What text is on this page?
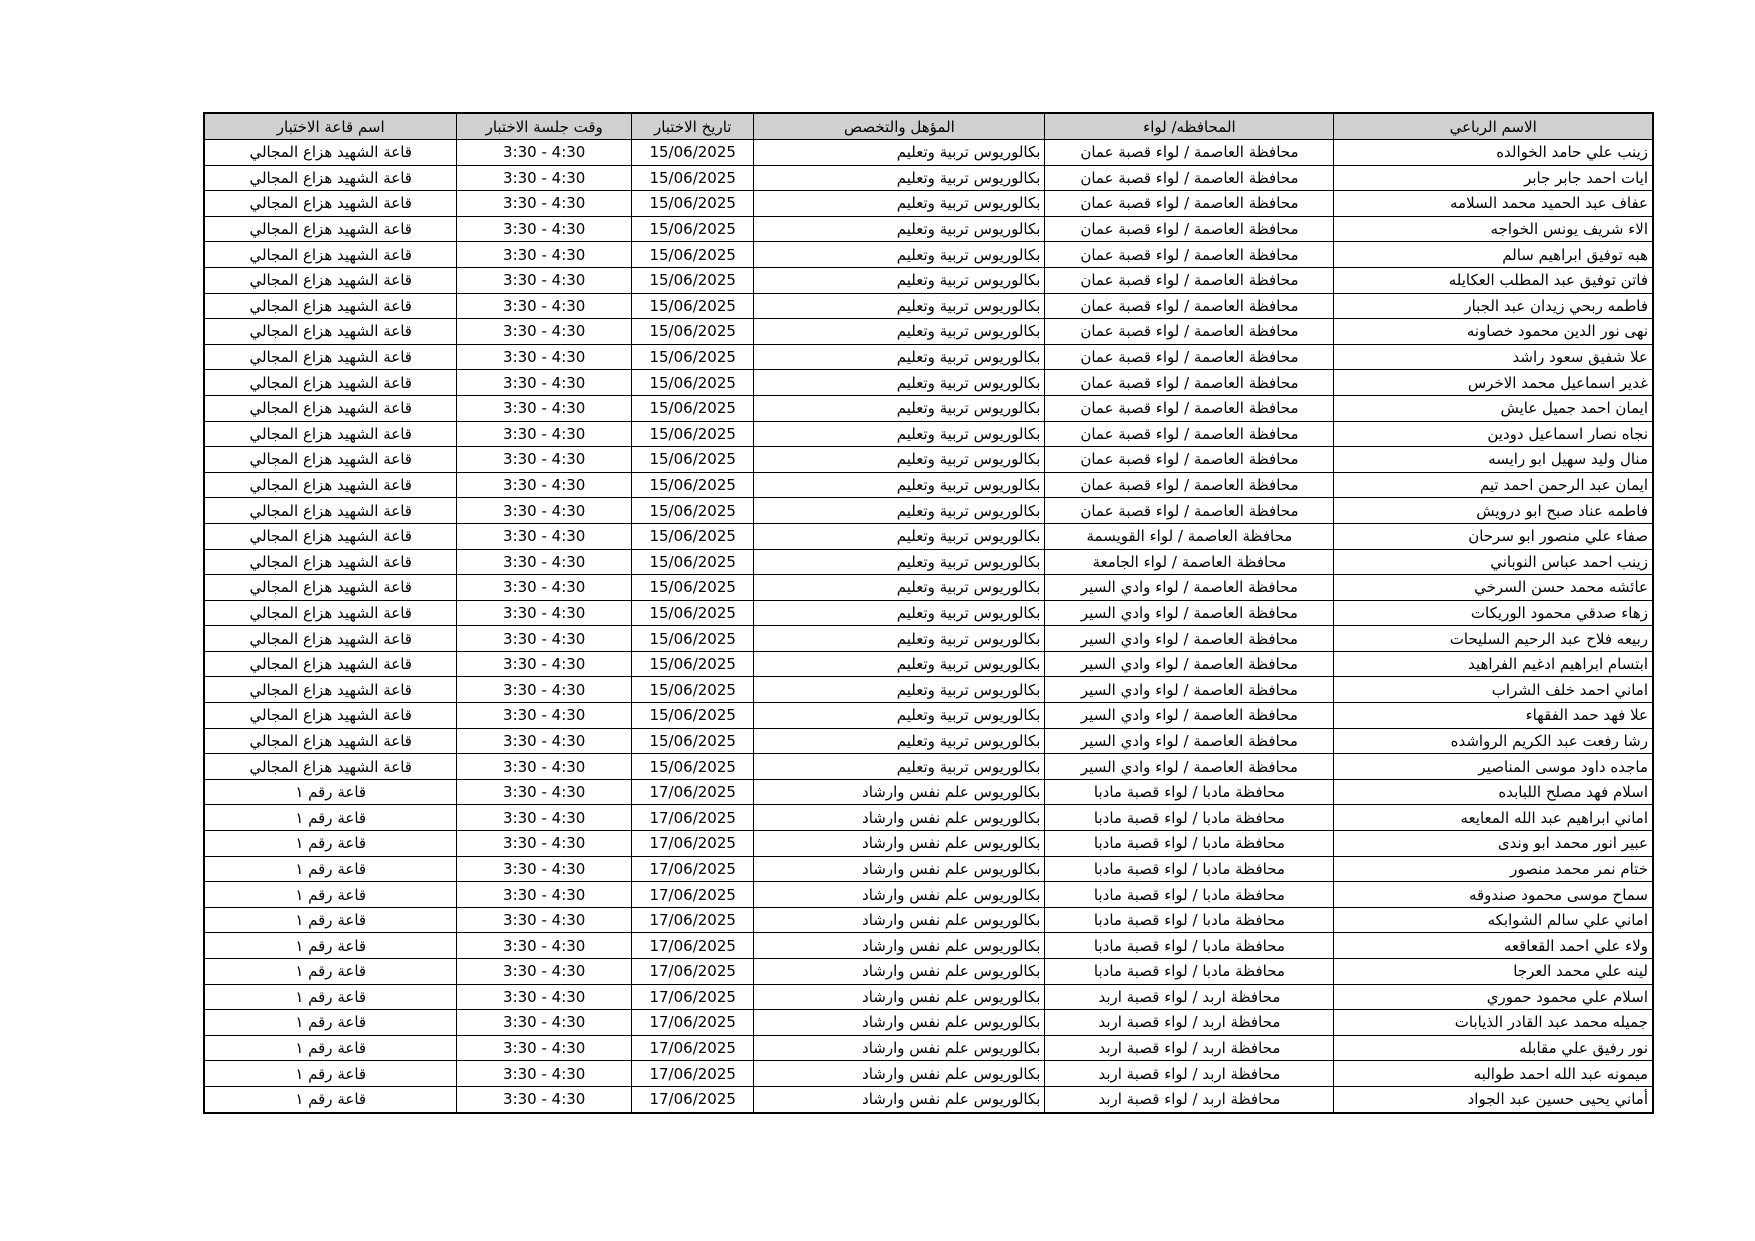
الاسم الرباعي	المحافظه/ لواء	المؤهل والتخصص	تاريخ الاختبار	وقت جلسة الاختبار	اسم قاعة الاختبار
زينب علي حامد الخوالده	محافظة العاصمة / لواء قصبة عمان	بكالوريوس تربية وتعليم	15/06/2025	3:30 - 4:30	قاعة الشهيد هزاع المجالي
ايات احمد جابر جابر	محافظة العاصمة / لواء قصبة عمان	بكالوريوس تربية وتعليم	15/06/2025	3:30 - 4:30	قاعة الشهيد هزاع المجالي
عفاف عبد الحميد محمد السلامه	محافظة العاصمة / لواء قصبة عمان	بكالوريوس تربية وتعليم	15/06/2025	3:30 - 4:30	قاعة الشهيد هزاع المجالي
الاء شريف يونس الخواجه	محافظة العاصمة / لواء قصبة عمان	بكالوريوس تربية وتعليم	15/06/2025	3:30 - 4:30	قاعة الشهيد هزاع المجالي
هبه توفيق ابراهيم سالم	محافظة العاصمة / لواء قصبة عمان	بكالوريوس تربية وتعليم	15/06/2025	3:30 - 4:30	قاعة الشهيد هزاع المجالي
فاتن توفيق عبد المطلب العكايله	محافظة العاصمة / لواء قصبة عمان	بكالوريوس تربية وتعليم	15/06/2025	3:30 - 4:30	قاعة الشهيد هزاع المجالي
فاطمه ربحي زيدان عبد الجبار	محافظة العاصمة / لواء قصبة عمان	بكالوريوس تربية وتعليم	15/06/2025	3:30 - 4:30	قاعة الشهيد هزاع المجالي
نهى نور الدين محمود خصاونه	محافظة العاصمة / لواء قصبة عمان	بكالوريوس تربية وتعليم	15/06/2025	3:30 - 4:30	قاعة الشهيد هزاع المجالي
علا شفيق سعود راشد	محافظة العاصمة / لواء قصبة عمان	بكالوريوس تربية وتعليم	15/06/2025	3:30 - 4:30	قاعة الشهيد هزاع المجالي
غدير اسماعيل محمد الاخرس	محافظة العاصمة / لواء قصبة عمان	بكالوريوس تربية وتعليم	15/06/2025	3:30 - 4:30	قاعة الشهيد هزاع المجالي
ايمان احمد جميل عايش	محافظة العاصمة / لواء قصبة عمان	بكالوريوس تربية وتعليم	15/06/2025	3:30 - 4:30	قاعة الشهيد هزاع المجالي
نجاه نصار اسماعيل دودين	محافظة العاصمة / لواء قصبة عمان	بكالوريوس تربية وتعليم	15/06/2025	3:30 - 4:30	قاعة الشهيد هزاع المجالي
منال وليد سهيل ابو رايسه	محافظة العاصمة / لواء قصبة عمان	بكالوريوس تربية وتعليم	15/06/2025	3:30 - 4:30	قاعة الشهيد هزاع المجالي
ايمان عبد الرحمن احمد تيم	محافظة العاصمة / لواء قصبة عمان	بكالوريوس تربية وتعليم	15/06/2025	3:30 - 4:30	قاعة الشهيد هزاع المجالي
فاطمه عناد صبح ابو درويش	محافظة العاصمة / لواء قصبة عمان	بكالوريوس تربية وتعليم	15/06/2025	3:30 - 4:30	قاعة الشهيد هزاع المجالي
صفاء علي منصور ابو سرحان	محافظة العاصمة / لواء القويسمة	بكالوريوس تربية وتعليم	15/06/2025	3:30 - 4:30	قاعة الشهيد هزاع المجالي
زينب احمد عباس النوباني	محافظة العاصمة / لواء الجامعة	بكالوريوس تربية وتعليم	15/06/2025	3:30 - 4:30	قاعة الشهيد هزاع المجالي
عائشه محمد حسن السرخي	محافظة العاصمة / لواء وادي السير	بكالوريوس تربية وتعليم	15/06/2025	3:30 - 4:30	قاعة الشهيد هزاع المجالي
زهاء صدقي محمود الوريكات	محافظة العاصمة / لواء وادي السير	بكالوريوس تربية وتعليم	15/06/2025	3:30 - 4:30	قاعة الشهيد هزاع المجالي
ربيعه فلاح عبد الرحيم السليحات	محافظة العاصمة / لواء وادي السير	بكالوريوس تربية وتعليم	15/06/2025	3:30 - 4:30	قاعة الشهيد هزاع المجالي
ابتسام ابراهيم ادغيم الفراهيد	محافظة العاصمة / لواء وادي السير	بكالوريوس تربية وتعليم	15/06/2025	3:30 - 4:30	قاعة الشهيد هزاع المجالي
اماني احمد خلف الشراب	محافظة العاصمة / لواء وادي السير	بكالوريوس تربية وتعليم	15/06/2025	3:30 - 4:30	قاعة الشهيد هزاع المجالي
علا فهد حمد الفقهاء	محافظة العاصمة / لواء وادي السير	بكالوريوس تربية وتعليم	15/06/2025	3:30 - 4:30	قاعة الشهيد هزاع المجالي
رشا رفعت عبد الكريم الرواشده	محافظة العاصمة / لواء وادي السير	بكالوريوس تربية وتعليم	15/06/2025	3:30 - 4:30	قاعة الشهيد هزاع المجالي
ماجده داود موسى المناصير	محافظة العاصمة / لواء وادي السير	بكالوريوس تربية وتعليم	15/06/2025	3:30 - 4:30	قاعة الشهيد هزاع المجالي
اسلام فهد مصلح اللبابده	محافظة مادبا / لواء قصبة مادبا	بكالوريوس علم نفس وارشاد	17/06/2025	3:30 - 4:30	قاعة رقم ١
اماني ابراهيم عبد الله المعايعه	محافظة مادبا / لواء قصبة مادبا	بكالوريوس علم نفس وارشاد	17/06/2025	3:30 - 4:30	قاعة رقم ١
عبير انور محمد ابو وندى	محافظة مادبا / لواء قصبة مادبا	بكالوريوس علم نفس وارشاد	17/06/2025	3:30 - 4:30	قاعة رقم ١
ختام نمر محمد منصور	محافظة مادبا / لواء قصبة مادبا	بكالوريوس علم نفس وارشاد	17/06/2025	3:30 - 4:30	قاعة رقم ١
سماح موسى محمود صندوقه	محافظة مادبا / لواء قصبة مادبا	بكالوريوس علم نفس وارشاد	17/06/2025	3:30 - 4:30	قاعة رقم ١
اماني علي سالم الشوابكه	محافظة مادبا / لواء قصبة مادبا	بكالوريوس علم نفس وارشاد	17/06/2025	3:30 - 4:30	قاعة رقم ١
ولاء علي احمد القعاقعه	محافظة مادبا / لواء قصبة مادبا	بكالوريوس علم نفس وارشاد	17/06/2025	3:30 - 4:30	قاعة رقم ١
لينه علي محمد العرجا	محافظة مادبا / لواء قصبة مادبا	بكالوريوس علم نفس وارشاد	17/06/2025	3:30 - 4:30	قاعة رقم ١
اسلام علي محمود حموري	محافظة اربد / لواء قصبة اربد	بكالوريوس علم نفس وارشاد	17/06/2025	3:30 - 4:30	قاعة رقم ١
جميله محمد عبد القادر الذيابات	محافظة اربد / لواء قصبة اربد	بكالوريوس علم نفس وارشاد	17/06/2025	3:30 - 4:30	قاعة رقم ١
نور رفيق علي مقابله	محافظة اربد / لواء قصبة اربد	بكالوريوس علم نفس وارشاد	17/06/2025	3:30 - 4:30	قاعة رقم ١
ميمونه عبد الله احمد طوالبه	محافظة اربد / لواء قصبة اربد	بكالوريوس علم نفس وارشاد	17/06/2025	3:30 - 4:30	قاعة رقم ١
أماني يحيى حسين عبد الجواد	محافظة اربد / لواء قصبة اربد	بكالوريوس علم نفس وارشاد	17/06/2025	3:30 - 4:30	قاعة رقم ١
